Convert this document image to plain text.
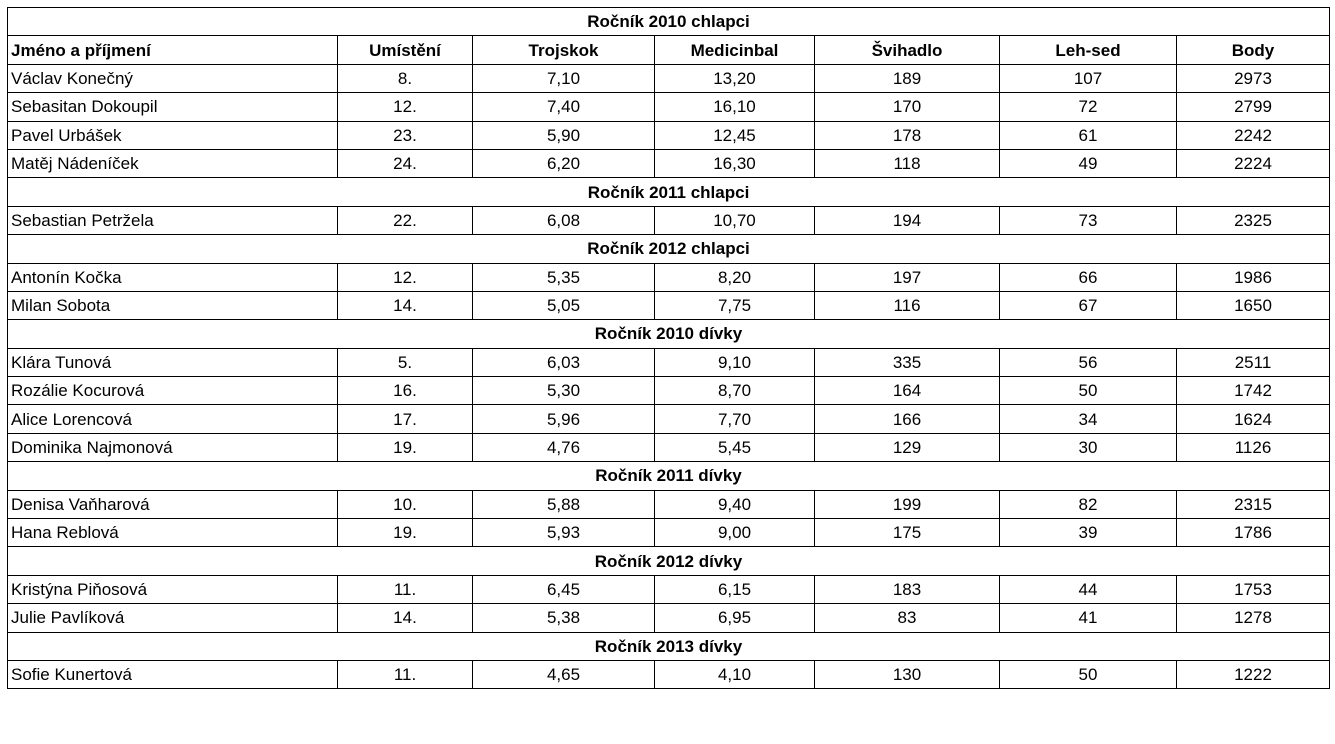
Ročník 2010 chlapci						
Jméno a příjmení	Umístění	Trojskok	Medicinbal	Švihadlo	Leh-sed	Body
Václav Konečný	8.	7,10	13,20	189	107	2973
Sebasitan Dokoupil	12.	7,40	16,10	170	72	2799
Pavel Urbášek	23.	5,90	12,45	178	61	2242
Matěj Nádeníček	24.	6,20	16,30	118	49	2224
Ročník 2011 chlapci						
Sebastian Petržela	22.	6,08	10,70	194	73	2325
Ročník 2012 chlapci						
Antonín Kočka	12.	5,35	8,20	197	66	1986
Milan Sobota	14.	5,05	7,75	116	67	1650
Ročník 2010 dívky						
Klára Tunová	5.	6,03	9,10	335	56	2511
Rozálie Kocurová	16.	5,30	8,70	164	50	1742
Alice Lorencová	17.	5,96	7,70	166	34	1624
Dominika Najmonová	19.	4,76	5,45	129	30	1126
Ročník 2011 dívky						
Denisa Vaňharová	10.	5,88	9,40	199	82	2315
Hana Reblová	19.	5,93	9,00	175	39	1786
Ročník 2012 dívky						
Kristýna Piňosová	11.	6,45	6,15	183	44	1753
Julie Pavlíková	14.	5,38	6,95	83	41	1278
Ročník 2013 dívky						
Sofie Kunertová	11.	4,65	4,10	130	50	1222
